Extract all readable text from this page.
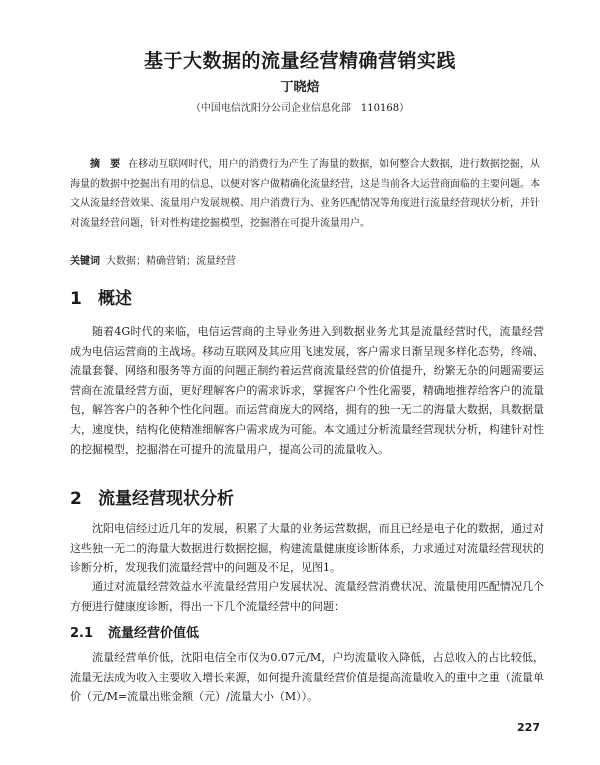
基于大数据的流量经营精确营销实践
丁晓焙
（中国电信沈阳分公司企业信息化部　110168）
摘　要 在移动互联网时代，用户的消费行为产生了海量的数据，如何整合大数据，进行数据挖掘，从海量的数据中挖掘出有用的信息，以便对客户做精确化流量经营，这是当前各大运营商面临的主要问题。本文从流量经营效果、流量用户发展规模、用户消费行为、业务匹配情况等角度进行流量经营现状分析，并针对流量经营问题，针对性构建挖掘模型，挖掘潜在可提升流量用户。
关键词 大数据；精确营销；流量经营
1 概述
随着4G时代的来临，电信运营商的主导业务进入到数据业务尤其是流量经营时代，流量经营成为电信运营商的主战场。移动互联网及其应用飞速发展，客户需求日渐呈现多样化态势，终端、流量套餐、网络和服务等方面的问题正制约着运营商流量经营的价值提升，纷繁无杂的问题需要运营商在流量经营方面，更好理解客户的需求诉求，掌握客户个性化需要，精确地推荐给客户的流量包，解答客户的各种个性化问题。而运营商庞大的网络，拥有的独一无二的海量大数据，具数据量大，速度快，结构化使精准细解客户需求成为可能。本文通过分析流量经营现状分析，构建针对性的挖掘模型，挖掘潜在可提升的流量用户，提高公司的流量收入。
2 流量经营现状分析
沈阳电信经过近几年的发展，积累了大量的业务运营数据，而且已经是电子化的数据，通过对这些独一无二的海量大数据进行数据挖掘，构建流量健康度诊断体系，力求通过对流量经营现状的诊断分析，发现我们流量经营中的问题及不足，见图1。
通过对流量经营效益水平流量经营用户发展状况、流量经营消费状况、流量使用匹配情况几个方便进行健康度诊断，得出一下几个流量经营中的问题：
2.1 流量经营价值低
流量经营单价低，沈阳电信全市仅为0.07元/M，户均流量收入降低，占总收入的占比较低，流量无法成为收入主要收入增长来源，如何提升流量经营价值是提高流量收入的重中之重（流量单价（元/M=流量出账金额（元）/流量大小（M））。
227
